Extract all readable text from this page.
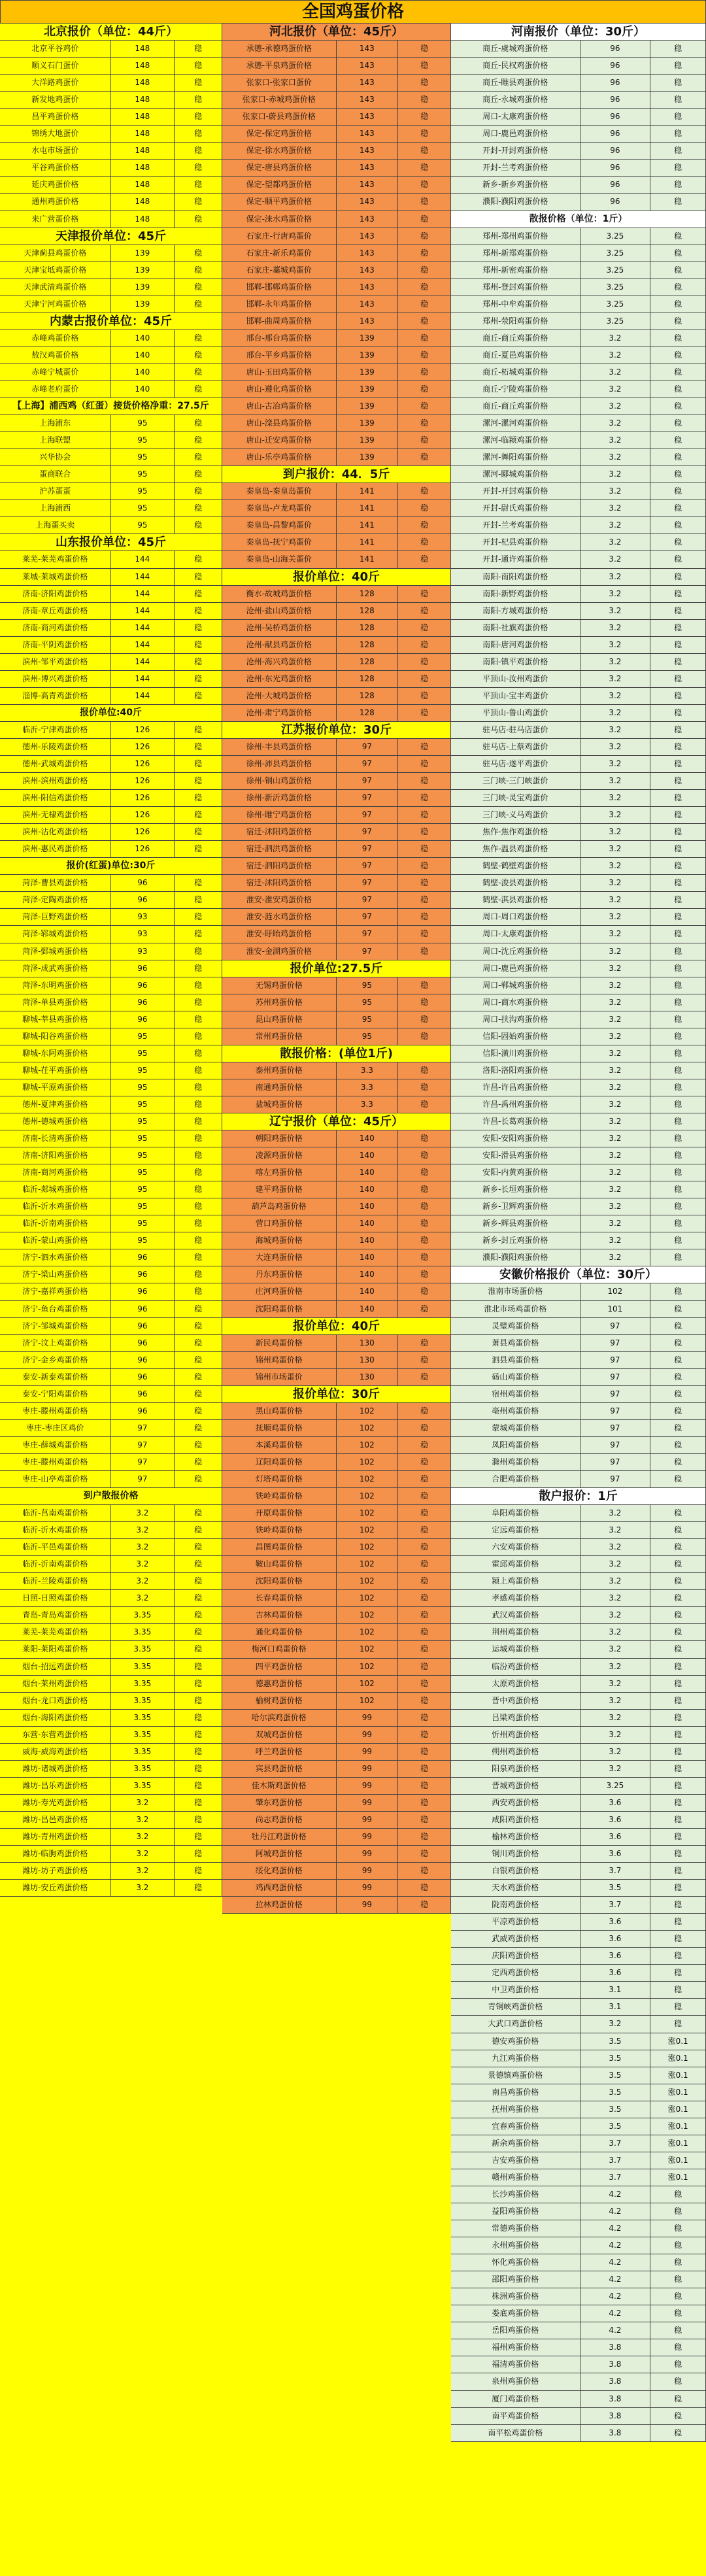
全国鸡蛋价格
北京报价（单位：44斤）
北京平谷鸡价	148	稳
顺义石门蛋价	148	稳
大洋路鸡蛋价	148	稳
新发地鸡蛋价	148	稳
昌平鸡蛋价格	148	稳
锦绣大地蛋价	148	稳
水屯市场蛋价	148	稳
平谷鸡蛋价格	148	稳
延庆鸡蛋价格	148	稳
通州鸡蛋价格	148	稳
来广营蛋价格	148	稳
天津报价单位：45斤
天津蓟县鸡蛋价格	139	稳
天津宝坻鸡蛋价格	139	稳
天津武清鸡蛋价格	139	稳
天津宁河鸡蛋价格	139	稳
内蒙古报价单位：45斤
赤峰鸡蛋价格	140	稳
敖汉鸡蛋价格	140	稳
赤峰宁城蛋价	140	稳
赤峰老府蛋价	140	稳
【上海】浦西鸡（红蛋）接货价格净重：27.5斤
上海浦东	95	稳
上海联盟	95	稳
兴华协会	95	稳
蛋商联合	95	稳
沪苏蛋蛋	95	稳
上海浦西	95	稳
上海蛋买卖	95	稳
山东报价单位：45斤
莱芜-莱芜鸡蛋价格	144	稳
莱城-莱城鸡蛋价格	144	稳
济南-济阳鸡蛋价格	144	稳
济南-章丘鸡蛋价格	144	稳
济南-商河鸡蛋价格	144	稳
济南-平阴鸡蛋价格	144	稳
滨州-邹平鸡蛋价格	144	稳
滨州-博兴鸡蛋价格	144	稳
淄博-高青鸡蛋价格	144	稳
报价单位:40斤
临沂-宁津鸡蛋价格	126	稳
德州-乐陵鸡蛋价格	126	稳
德州-武城鸡蛋价格	126	稳
滨州-滨州鸡蛋价格	126	稳
滨州-阳信鸡蛋价格	126	稳
滨州-无棣鸡蛋价格	126	稳
滨州-沾化鸡蛋价格	126	稳
滨州-惠民鸡蛋价格	126	稳
报价(红蛋)单位:30斤
菏泽-曹县鸡蛋价格	96	稳
菏泽-定陶鸡蛋价格	96	稳
菏泽-巨野鸡蛋价格	93	稳
菏泽-郓城鸡蛋价格	93	稳
菏泽-鄄城鸡蛋价格	93	稳
菏泽-成武鸡蛋价格	96	稳
菏泽-东明鸡蛋价格	96	稳
菏泽-单县鸡蛋价格	96	稳
聊城-莘县鸡蛋价格	96	稳
聊城-阳谷鸡蛋价格	95	稳
聊城-东阿鸡蛋价格	95	稳
聊城-茌平鸡蛋价格	95	稳
聊城-平原鸡蛋价格	95	稳
德州-夏津鸡蛋价格	95	稳
德州-德城鸡蛋价格	95	稳
济南-长清鸡蛋价格	95	稳
济南-济阳鸡蛋价格	95	稳
济南-商河鸡蛋价格	95	稳
临沂-郯城鸡蛋价格	95	稳
临沂-沂水鸡蛋价格	95	稳
临沂-沂南鸡蛋价格	95	稳
临沂-蒙山鸡蛋价格	95	稳
济宁-泗水鸡蛋价格	96	稳
济宁-梁山鸡蛋价格	96	稳
济宁-嘉祥鸡蛋价格	96	稳
济宁-鱼台鸡蛋价格	96	稳
济宁-邹城鸡蛋价格	96	稳
济宁-汶上鸡蛋价格	96	稳
济宁-金乡鸡蛋价格	96	稳
泰安-新泰鸡蛋价格	96	稳
泰安-宁阳鸡蛋价格	96	稳
枣庄-滕州鸡蛋价格	96	稳
枣庄-枣庄区鸡价	97	稳
枣庄-薛城鸡蛋价格	97	稳
枣庄-滕州鸡蛋价格	97	稳
枣庄-山亭鸡蛋价格	97	稳
到户散报价格
临沂-莒南鸡蛋价格	3.2	稳
临沂-沂水鸡蛋价格	3.2	稳
临沂-平邑鸡蛋价格	3.2	稳
临沂-沂南鸡蛋价格	3.2	稳
临沂-兰陵鸡蛋价格	3.2	稳
日照-日照鸡蛋价格	3.2	稳
青岛-青岛鸡蛋价格	3.35	稳
莱芜-莱芜鸡蛋价格	3.35	稳
莱阳-莱阳鸡蛋价格	3.35	稳
烟台-招远鸡蛋价格	3.35	稳
烟台-莱州鸡蛋价格	3.35	稳
烟台-龙口鸡蛋价格	3.35	稳
烟台-海阳鸡蛋价格	3.35	稳
东营-东营鸡蛋价格	3.35	稳
威海-威海鸡蛋价格	3.35	稳
潍坊-诸城鸡蛋价格	3.35	稳
潍坊-昌乐鸡蛋价格	3.35	稳
潍坊-寿光鸡蛋价格	3.2	稳
潍坊-昌邑鸡蛋价格	3.2	稳
潍坊-青州鸡蛋价格	3.2	稳
潍坊-临朐鸡蛋价格	3.2	稳
潍坊-坊子鸡蛋价格	3.2	稳
潍坊-安丘鸡蛋价格	3.2	稳
河北报价（单位：45斤）
承德-承德鸡蛋价格	143	稳
承德-平泉鸡蛋价格	143	稳
张家口-张家口蛋价	143	稳
张家口-赤城鸡蛋价格	143	稳
张家口-蔚县鸡蛋价格	143	稳
保定-保定鸡蛋价格	143	稳
保定-徐水鸡蛋价格	143	稳
保定-唐县鸡蛋价格	143	稳
保定-望都鸡蛋价格	143	稳
保定-顺平鸡蛋价格	143	稳
保定-涞水鸡蛋价格	143	稳
石家庄-行唐鸡蛋价	143	稳
石家庄-新乐鸡蛋价	143	稳
石家庄-藁城鸡蛋价	143	稳
邯郸-邯郸鸡蛋价格	143	稳
邯郸-永年鸡蛋价格	143	稳
邯郸-曲周鸡蛋价格	143	稳
邢台-邢台鸡蛋价格	139	稳
邢台-平乡鸡蛋价格	139	稳
唐山-玉田鸡蛋价格	139	稳
唐山-遵化鸡蛋价格	139	稳
唐山-古冶鸡蛋价格	139	稳
唐山-滦县鸡蛋价格	139	稳
唐山-迁安鸡蛋价格	139	稳
唐山-乐亭鸡蛋价格	139	稳
到户报价：44．5斤
秦皇岛-秦皇岛蛋价	141	稳
秦皇岛-卢龙鸡蛋价	141	稳
秦皇岛-昌黎鸡蛋价	141	稳
秦皇岛-抚宁鸡蛋价	141	稳
秦皇岛-山海关蛋价	141	稳
报价单位：40斤
衡水-故城鸡蛋价格	128	稳
沧州-盐山鸡蛋价格	128	稳
沧州-吴桥鸡蛋价格	128	稳
沧州-献县鸡蛋价格	128	稳
沧州-海兴鸡蛋价格	128	稳
沧州-东光鸡蛋价格	128	稳
沧州-大城鸡蛋价格	128	稳
沧州-肃宁鸡蛋价格	128	稳
江苏报价单位：30斤
徐州-丰县鸡蛋价格	97	稳
徐州-沛县鸡蛋价格	97	稳
徐州-铜山鸡蛋价格	97	稳
徐州-新沂鸡蛋价格	97	稳
徐州-睢宁鸡蛋价格	97	稳
宿迁-沭阳鸡蛋价格	97	稳
宿迁-泗洪鸡蛋价格	97	稳
宿迁-泗阳鸡蛋价格	97	稳
宿迁-沭阳鸡蛋价格	97	稳
淮安-淮安鸡蛋价格	97	稳
淮安-涟水鸡蛋价格	97	稳
淮安-盱眙鸡蛋价格	97	稳
淮安-金湖鸡蛋价格	97	稳
报价单位:27.5斤
无锡鸡蛋价格	95	稳
苏州鸡蛋价格	95	稳
昆山鸡蛋价格	95	稳
常州鸡蛋价格	95	稳
散报价格：(单位1斤)
泰州鸡蛋价格	3.3	稳
南通鸡蛋价格	3.3	稳
盐城鸡蛋价格	3.3	稳
辽宁报价（单位：45斤）
朝阳鸡蛋价格	140	稳
凌源鸡蛋价格	140	稳
喀左鸡蛋价格	140	稳
建平鸡蛋价格	140	稳
葫芦岛鸡蛋价格	140	稳
营口鸡蛋价格	140	稳
海城鸡蛋价格	140	稳
大连鸡蛋价格	140	稳
丹东鸡蛋价格	140	稳
庄河鸡蛋价格	140	稳
沈阳鸡蛋价格	140	稳
报价单位：40斤
新民鸡蛋价格	130	稳
锦州鸡蛋价格	130	稳
锦州市场蛋价	130	稳
报价单位：30斤
黑山鸡蛋价格	102	稳
抚顺鸡蛋价格	102	稳
本溪鸡蛋价格	102	稳
辽阳鸡蛋价格	102	稳
灯塔鸡蛋价格	102	稳
铁岭鸡蛋价格	102	稳
开原鸡蛋价格	102	稳
铁岭鸡蛋价格	102	稳
昌图鸡蛋价格	102	稳
鞍山鸡蛋价格	102	稳
沈阳鸡蛋价格	102	稳
长春鸡蛋价格	102	稳
吉林鸡蛋价格	102	稳
通化鸡蛋价格	102	稳
梅河口鸡蛋价格	102	稳
四平鸡蛋价格	102	稳
德惠鸡蛋价格	102	稳
榆树鸡蛋价格	102	稳
哈尔滨鸡蛋价格	99	稳
双城鸡蛋价格	99	稳
呼兰鸡蛋价格	99	稳
宾县鸡蛋价格	99	稳
佳木斯鸡蛋价格	99	稳
肇东鸡蛋价格	99	稳
尚志鸡蛋价格	99	稳
牡丹江鸡蛋价格	99	稳
阿城鸡蛋价格	99	稳
绥化鸡蛋价格	99	稳
鸡西鸡蛋价格	99	稳
拉林鸡蛋价格	99	稳
河南报价（单位：30斤）
商丘-虞城鸡蛋价格	96	稳
商丘-民权鸡蛋价格	96	稳
商丘-睢县鸡蛋价格	96	稳
商丘-永城鸡蛋价格	96	稳
周口-太康鸡蛋价格	96	稳
周口-鹿邑鸡蛋价格	96	稳
开封-开封鸡蛋价格	96	稳
开封-兰考鸡蛋价格	96	稳
新乡-新乡鸡蛋价格	96	稳
濮阳-濮阳鸡蛋价格	96	稳
散报价格（单位：1斤）
郑州-郑州鸡蛋价格	3.25	稳
郑州-新郑鸡蛋价格	3.25	稳
郑州-新密鸡蛋价格	3.25	稳
郑州-登封鸡蛋价格	3.25	稳
郑州-中牟鸡蛋价格	3.25	稳
郑州-荥阳鸡蛋价格	3.25	稳
商丘-商丘鸡蛋价格	3.2	稳
商丘-夏邑鸡蛋价格	3.2	稳
商丘-柘城鸡蛋价格	3.2	稳
商丘-宁陵鸡蛋价格	3.2	稳
商丘-商丘鸡蛋价格	3.2	稳
漯河-漯河鸡蛋价格	3.2	稳
漯河-临颍鸡蛋价格	3.2	稳
漯河-舞阳鸡蛋价格	3.2	稳
漯河-郾城鸡蛋价格	3.2	稳
开封-开封鸡蛋价格	3.2	稳
开封-尉氏鸡蛋价格	3.2	稳
开封-兰考鸡蛋价格	3.2	稳
开封-杞县鸡蛋价格	3.2	稳
开封-通许鸡蛋价格	3.2	稳
南阳-南阳鸡蛋价格	3.2	稳
南阳-新野鸡蛋价格	3.2	稳
南阳-方城鸡蛋价格	3.2	稳
南阳-社旗鸡蛋价格	3.2	稳
南阳-唐河鸡蛋价格	3.2	稳
南阳-镇平鸡蛋价格	3.2	稳
平顶山-汝州鸡蛋价	3.2	稳
平顶山-宝丰鸡蛋价	3.2	稳
平顶山-鲁山鸡蛋价	3.2	稳
驻马店-驻马店蛋价	3.2	稳
驻马店-上蔡鸡蛋价	3.2	稳
驻马店-遂平鸡蛋价	3.2	稳
三门峡-三门峡蛋价	3.2	稳
三门峡-灵宝鸡蛋价	3.2	稳
三门峡-义马鸡蛋价	3.2	稳
焦作-焦作鸡蛋价格	3.2	稳
焦作-温县鸡蛋价格	3.2	稳
鹤壁-鹤壁鸡蛋价格	3.2	稳
鹤壁-浚县鸡蛋价格	3.2	稳
鹤壁-淇县鸡蛋价格	3.2	稳
周口-周口鸡蛋价格	3.2	稳
周口-太康鸡蛋价格	3.2	稳
周口-沈丘鸡蛋价格	3.2	稳
周口-鹿邑鸡蛋价格	3.2	稳
周口-郸城鸡蛋价格	3.2	稳
周口-商水鸡蛋价格	3.2	稳
周口-扶沟鸡蛋价格	3.2	稳
信阳-固始鸡蛋价格	3.2	稳
信阳-潢川鸡蛋价格	3.2	稳
洛阳-洛阳鸡蛋价格	3.2	稳
许昌-许昌鸡蛋价格	3.2	稳
许昌-禹州鸡蛋价格	3.2	稳
许昌-长葛鸡蛋价格	3.2	稳
安阳-安阳鸡蛋价格	3.2	稳
安阳-滑县鸡蛋价格	3.2	稳
安阳-内黄鸡蛋价格	3.2	稳
新乡-长垣鸡蛋价格	3.2	稳
新乡-卫辉鸡蛋价格	3.2	稳
新乡-辉县鸡蛋价格	3.2	稳
新乡-封丘鸡蛋价格	3.2	稳
濮阳-濮阳鸡蛋价格	3.2	稳
安徽价格报价（单位：30斤）
淮南市场蛋价格	102	稳
淮北市场鸡蛋价格	101	稳
灵璧鸡蛋价格	97	稳
萧县鸡蛋价格	97	稳
泗县鸡蛋价格	97	稳
砀山鸡蛋价格	97	稳
宿州鸡蛋价格	97	稳
亳州鸡蛋价格	97	稳
蒙城鸡蛋价格	97	稳
凤阳鸡蛋价格	97	稳
滁州鸡蛋价格	97	稳
合肥鸡蛋价格	97	稳
散户报价：1斤
阜阳鸡蛋价格	3.2	稳
定远鸡蛋价格	3.2	稳
六安鸡蛋价格	3.2	稳
霍邱鸡蛋价格	3.2	稳
颍上鸡蛋价格	3.2	稳
孝感鸡蛋价格	3.2	稳
武汉鸡蛋价格	3.2	稳
荆州鸡蛋价格	3.2	稳
运城鸡蛋价格	3.2	稳
临汾鸡蛋价格	3.2	稳
太原鸡蛋价格	3.2	稳
晋中鸡蛋价格	3.2	稳
吕梁鸡蛋价格	3.2	稳
忻州鸡蛋价格	3.2	稳
朔州鸡蛋价格	3.2	稳
阳泉鸡蛋价格	3.2	稳
晋城鸡蛋价格	3.25	稳
西安鸡蛋价格	3.6	稳
咸阳鸡蛋价格	3.6	稳
榆林鸡蛋价格	3.6	稳
铜川鸡蛋价格	3.6	稳
白银鸡蛋价格	3.7	稳
天水鸡蛋价格	3.5	稳
陇南鸡蛋价格	3.7	稳
平凉鸡蛋价格	3.6	稳
武威鸡蛋价格	3.6	稳
庆阳鸡蛋价格	3.6	稳
定西鸡蛋价格	3.6	稳
中卫鸡蛋价格	3.1	稳
青铜峡鸡蛋价格	3.1	稳
大武口鸡蛋价格	3.2	稳
德安鸡蛋价格	3.5	涨0.1
九江鸡蛋价格	3.5	涨0.1
景德镇鸡蛋价格	3.5	涨0.1
南昌鸡蛋价格	3.5	涨0.1
抚州鸡蛋价格	3.5	涨0.1
宜春鸡蛋价格	3.5	涨0.1
新余鸡蛋价格	3.7	涨0.1
吉安鸡蛋价格	3.7	涨0.1
赣州鸡蛋价格	3.7	涨0.1
长沙鸡蛋价格	4.2	稳
益阳鸡蛋价格	4.2	稳
常德鸡蛋价格	4.2	稳
永州鸡蛋价格	4.2	稳
怀化鸡蛋价格	4.2	稳
邵阳鸡蛋价格	4.2	稳
株洲鸡蛋价格	4.2	稳
娄底鸡蛋价格	4.2	稳
岳阳鸡蛋价格	4.2	稳
福州鸡蛋价格	3.8	稳
福清鸡蛋价格	3.8	稳
泉州鸡蛋价格	3.8	稳
厦门鸡蛋价格	3.8	稳
南平鸡蛋价格	3.8	稳
南平松鸡蛋价格	3.8	稳
